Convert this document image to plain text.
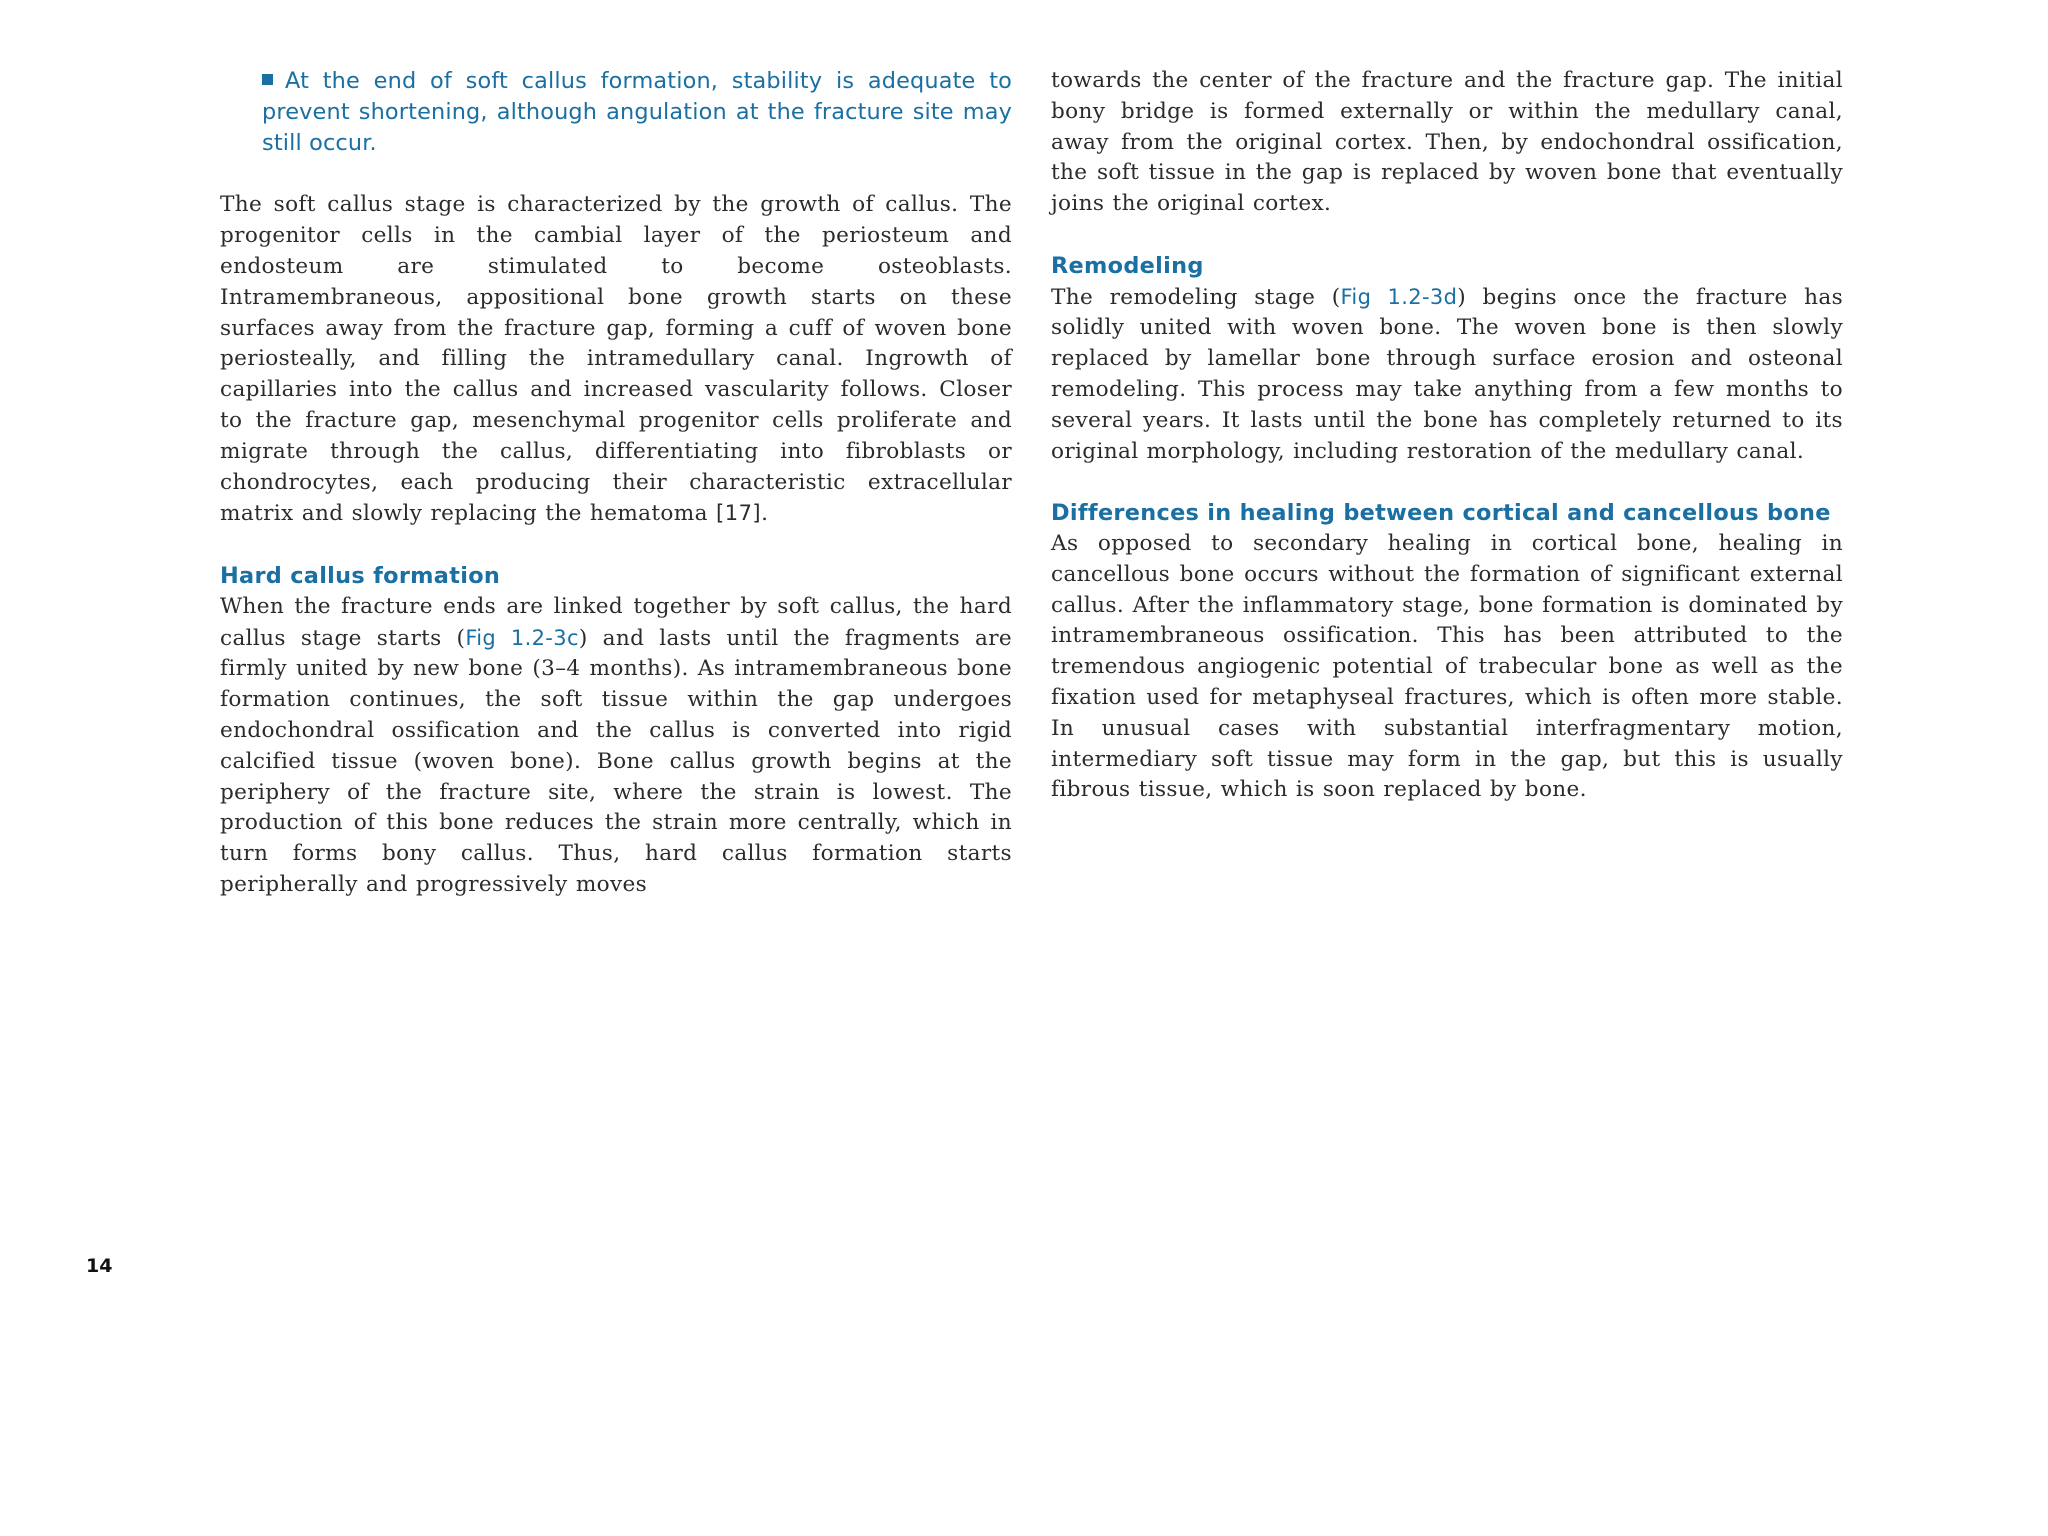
At the end of soft callus formation, stability is adequate to prevent shortening, although angulation at the fracture site may still occur.

The soft callus stage is characterized by the growth of callus. The progenitor cells in the cambial layer of the periosteum and endosteum are stimulated to become osteoblasts. Intramembraneous, appositional bone growth starts on these surfaces away from the fracture gap, forming a cuff of woven bone periosteally, and filling the intramedullary canal. Ingrowth of capillaries into the callus and increased vascularity follows. Closer to the fracture gap, mesenchymal progenitor cells proliferate and migrate through the callus, differentiating into fibroblasts or chondrocytes, each producing their characteristic extracellular matrix and slowly replacing the hematoma [17].

Hard callus formation

When the fracture ends are linked together by soft callus, the hard callus stage starts (Fig 1.2-3c) and lasts until the fragments are firmly united by new bone (3–4 months). As intramembraneous bone formation continues, the soft tissue within the gap undergoes endochondral ossification and the callus is converted into rigid calcified tissue (woven bone). Bone callus growth begins at the periphery of the fracture site, where the strain is lowest. The production of this bone reduces the strain more centrally, which in turn forms bony callus. Thus, hard callus formation starts peripherally and progressively moves

towards the center of the fracture and the fracture gap. The initial bony bridge is formed externally or within the medullary canal, away from the original cortex. Then, by endochondral ossification, the soft tissue in the gap is replaced by woven bone that eventually joins the original cortex.

Remodeling

The remodeling stage (Fig 1.2-3d) begins once the fracture has solidly united with woven bone. The woven bone is then slowly replaced by lamellar bone through surface erosion and osteonal remodeling. This process may take anything from a few months to several years. It lasts until the bone has completely returned to its original morphology, including restoration of the medullary canal.

Differences in healing between cortical and cancellous bone

As opposed to secondary healing in cortical bone, healing in cancellous bone occurs without the formation of significant external callus. After the inflammatory stage, bone formation is dominated by intramembraneous ossification. This has been attributed to the tremendous angiogenic potential of trabecular bone as well as the fixation used for metaphyseal fractures, which is often more stable. In unusual cases with substantial interfragmentary motion, intermediary soft tissue may form in the gap, but this is usually fibrous tissue, which is soon replaced by bone.

14
